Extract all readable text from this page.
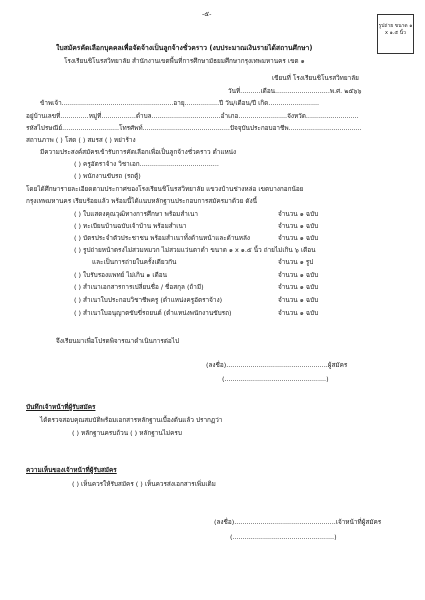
-๕-
รูปถ่าย ขนาด ๑ x ๑.๕ นิ้ว
ใบสมัครคัดเลือกบุคคลเพื่อจัดจ้างเป็นลูกจ้างชั่วคราว (งบประมาณเงินรายได้สถานศึกษา)
โรงเรียนชิโนรสวิทยาลัย สำนักงานเขตพื้นที่การศึกษามัธยมศึกษากรุงเทพมหานคร เขต ๑
เขียนที่ โรงเรียนชิโนรสวิทยาลัย
วันที่..........เดือน...........................พ.ศ. ๒๕๖๖
ข้าพเจ้า.......................................................อายุ.................ปี วัน/เดือน/ปี เกิด.........................
อยู่บ้านเลขที่..............หมู่ที่.................ตำบล..................................อำเภอ........................จังหวัด..........................
รหัสไปรษณีย์............................โทรศัพท์...........................................ปัจจุบันประกอบอาชีพ....................................
สถานภาพ ( ) โสด ( ) สมรส ( ) หย่าร้าง
มีความประสงค์สมัครเข้ารับการคัดเลือกเพื่อเป็นลูกจ้างชั่วคราว ตำแหน่ง
( ) ครูอัตราจ้าง วิชาเอก.......................................
( ) พนักงานขับรถ (รถตู้)
โดยได้ศึกษารายละเอียดตามประกาศของโรงเรียนชิโนรสวิทยาลัย แขวงบ้านช่างหล่อ เขตบางกอกน้อย
กรุงเทพมหานคร เรียบร้อยแล้ว พร้อมนี้ได้แนบหลักฐานประกอบการสมัครมาด้วย ดังนี้
( ) ใบแสดงคุณวุฒิทางการศึกษา พร้อมสำเนา	จำนวน ๑ ฉบับ
( ) ทะเบียนบ้านฉบับเจ้าบ้าน พร้อมสำเนา	จำนวน ๑ ฉบับ
( ) บัตรประจำตัวประชาชน พร้อมสำเนาทั้งด้านหน้าและด้านหลัง	จำนวน ๑ ฉบับ
( ) รูปถ่ายหน้าตรงไม่สวมหมวก ไม่สวมแว่นตาดำ ขนาด ๑ x ๑.๕ นิ้ว ถ่ายไม่เกิน ๖ เดือน
และเป็นการถ่ายในครั้งเดียวกัน	จำนวน ๑ รูป
( ) ใบรับรองแพทย์ ไม่เกิน ๑ เดือน	จำนวน ๑ ฉบับ
( ) สำเนาเอกสารการเปลี่ยนชื่อ / ชื่อสกุล (ถ้ามี)	จำนวน ๑ ฉบับ
( ) สำเนาใบประกอบวิชาชีพครู (ตำแหน่งครูอัตราจ้าง)	จำนวน ๑ ฉบับ
( ) สำเนาใบอนุญาตขับขี่รถยนต์ (ตำแหน่งพนักงานขับรถ)	จำนวน ๑ ฉบับ
จึงเรียนมาเพื่อโปรดพิจารณาดำเนินการต่อไป
(ลงชื่อ)..................................................ผู้สมัคร
(..................................................)
บันทึกเจ้าหน้าที่ผู้รับสมัคร
ได้ตรวจสอบคุณสมบัติพร้อมเอกสารหลักฐานเบื้องต้นแล้ว ปรากฏว่า
( ) หลักฐานครบถ้วน ( ) หลักฐานไม่ครบ
ความเห็นของเจ้าหน้าที่ผู้รับสมัคร
( ) เห็นควรให้รับสมัคร ( ) เห็นควรส่งเอกสารเพิ่มเติม
(ลงชื่อ)..................................................เจ้าหน้าที่ผู้สมัคร
(..................................................)
